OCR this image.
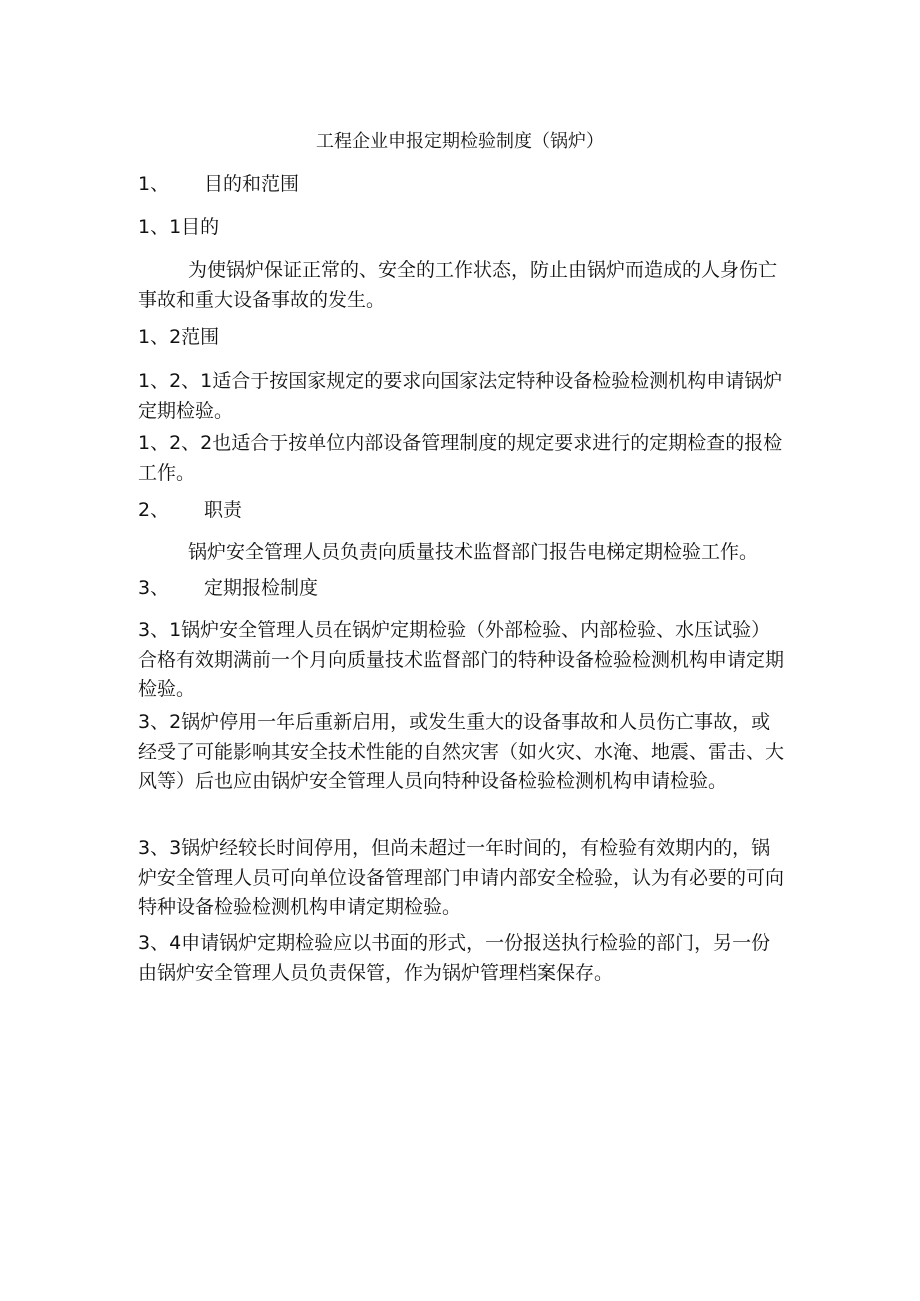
工程企业申报定期检验制度（锅炉）
1、 目的和范围
1、1目的
为使锅炉保证正常的、安全的工作状态，防止由锅炉而造成的人身伤亡事故和重大设备事故的发生。
1、2范围
1、2、1适合于按国家规定的要求向国家法定特种设备检验检测机构申请锅炉定期检验。
1、2、2也适合于按单位内部设备管理制度的规定要求进行的定期检查的报检工作。
2、 职责
锅炉安全管理人员负责向质量技术监督部门报告电梯定期检验工作。
3、 定期报检制度
3、1锅炉安全管理人员在锅炉定期检验（外部检验、内部检验、水压试验）合格有效期满前一个月向质量技术监督部门的特种设备检验检测机构申请定期检验。
3、2锅炉停用一年后重新启用，或发生重大的设备事故和人员伤亡事故，或经受了可能影响其安全技术性能的自然灾害（如火灾、水淹、地震、雷击、大风等）后也应由锅炉安全管理人员向特种设备检验检测机构申请检验。
3、3锅炉经较长时间停用，但尚未超过一年时间的，有检验有效期内的，锅炉安全管理人员可向单位设备管理部门申请内部安全检验，认为有必要的可向特种设备检验检测机构申请定期检验。
3、4申请锅炉定期检验应以书面的形式，一份报送执行检验的部门，另一份由锅炉安全管理人员负责保管，作为锅炉管理档案保存。
